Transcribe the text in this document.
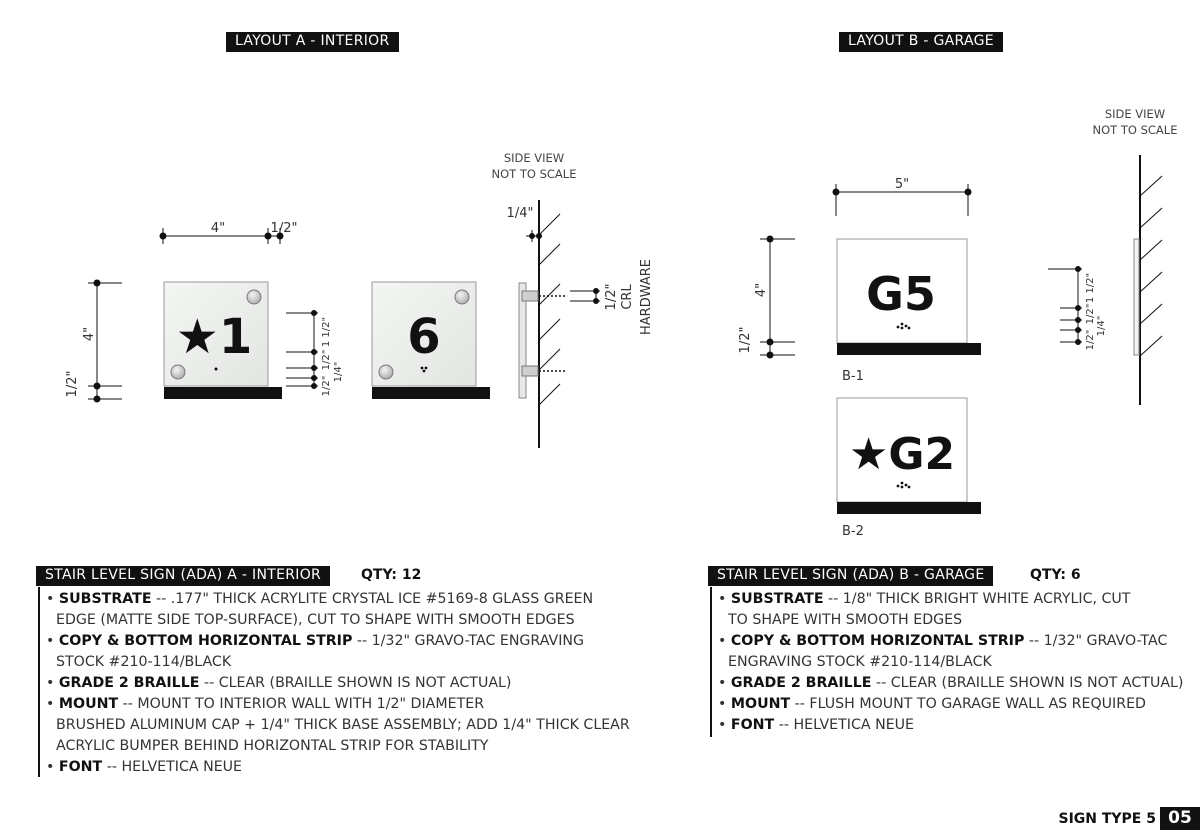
★1
4"	1/2"
4"
1/2"
1 1/2"
1/2"
1/4"
1/2"
6
SIDE VIEW
NOT TO SCALE
1/4"
1/2" CRL HARDWARE	G5
B-1
5"
4"
1/2"
★G2
B-2
SIDE VIEW
NOT TO SCALE
1 1/2"
1/2"
1/4"
1/2"
LAYOUT A - INTERIOR	LAYOUT B - GARAGE
STAIR LEVEL SIGN (ADA) A - INTERIOR	QTY: 12
• SUBSTRATE -- .177" THICK ACRYLITE CRYSTAL ICE #5169-8 GLASS GREEN
EDGE (MATTE SIDE TOP-SURFACE), CUT TO SHAPE WITH SMOOTH EDGES
• COPY & BOTTOM HORIZONTAL STRIP -- 1/32" GRAVO-TAC ENGRAVING
STOCK #210-114/BLACK
• GRADE 2 BRAILLE -- CLEAR (BRAILLE SHOWN IS NOT ACTUAL)
• MOUNT -- MOUNT TO INTERIOR WALL WITH 1/2" DIAMETER
BRUSHED ALUMINUM CAP + 1/4" THICK BASE ASSEMBLY; ADD 1/4" THICK CLEAR
ACRYLIC BUMPER BEHIND HORIZONTAL STRIP FOR STABILITY
• FONT -- HELVETICA NEUE
STAIR LEVEL SIGN (ADA) B - GARAGE	QTY: 6
• SUBSTRATE -- 1/8" THICK BRIGHT WHITE ACRYLIC, CUT
TO SHAPE WITH SMOOTH EDGES
• COPY & BOTTOM HORIZONTAL STRIP -- 1/32" GRAVO-TAC
ENGRAVING STOCK #210-114/BLACK
• GRADE 2 BRAILLE -- CLEAR (BRAILLE SHOWN IS NOT ACTUAL)
• MOUNT -- FLUSH MOUNT TO GARAGE WALL AS REQUIRED
• FONT -- HELVETICA NEUE
SIGN TYPE 5 05
